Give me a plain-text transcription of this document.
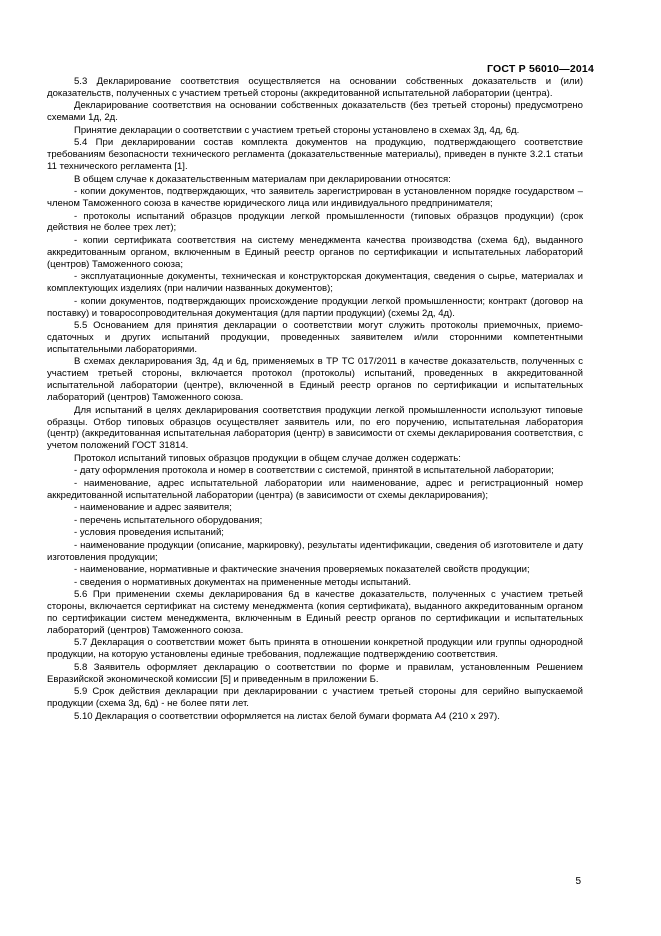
ГОСТ Р 56010—2014

5.3 Декларирование соответствия осуществляется на основании собственных доказательств и (или) доказательств, полученных с участием третьей стороны (аккредитованной испытательной лаборатории (центра).

Декларирование соответствия на основании собственных доказательств (без третьей стороны) предусмотрено схемами 1д, 2д.

Принятие декларации о соответствии с участием третьей стороны установлено в схемах 3д, 4д, 6д.

5.4 При декларировании состав комплекта документов на продукцию, подтверждающего соответствие требованиям безопасности технического регламента (доказательственные материалы), приведен в пункте 3.2.1 статьи 11 технического регламента [1].

В общем случае к доказательственным материалам при декларировании относятся:

- копии документов, подтверждающих, что заявитель зарегистрирован в установленном порядке государством – членом Таможенного союза в качестве юридического лица или индивидуального предпринимателя;

- протоколы испытаний образцов продукции легкой промышленности (типовых образцов продукции) (срок действия не более трех лет);

- копии сертификата соответствия на систему менеджмента качества производства (схема 6д), выданного аккредитованным органом, включенным в Единый реестр органов по сертификации и испытательных лабораторий (центров) Таможенного союза;

- эксплуатационные документы, техническая и конструкторская документация, сведения о сырье, материалах и комплектующих изделиях (при наличии названных документов);

- копии документов, подтверждающих происхождение продукции легкой промышленности; контракт (договор на поставку) и товаросопроводительная документация (для партии продукции) (схемы 2д, 4д).

5.5 Основанием для принятия декларации о соответствии могут служить протоколы приемочных, приемо-сдаточных и других испытаний продукции, проведенных заявителем и/или сторонними компетентными испытательными лабораториями.

В схемах декларирования 3д, 4д и 6д, применяемых в ТР ТС 017/2011 в качестве доказательств, полученных с участием третьей стороны, включается протокол (протоколы) испытаний, проведенных в аккредитованной испытательной лаборатории (центре), включенной в Единый реестр органов по сертификации и испытательных лабораторий (центров) Таможенного союза.

Для испытаний в целях декларирования соответствия продукции легкой промышленности используют типовые образцы. Отбор типовых образцов осуществляет заявитель или, по его поручению, испытательная лаборатория (центр) (аккредитованная испытательная лаборатория (центр) в зависимости от схемы декларирования соответствия, с учетом положений ГОСТ 31814.

Протокол испытаний типовых образцов продукции в общем случае должен содержать:

- дату оформления протокола и номер в соответствии с системой, принятой в испытательной лаборатории;

- наименование, адрес испытательной лаборатории или наименование, адрес и регистрационный номер аккредитованной испытательной лаборатории (центра) (в зависимости от схемы декларирования);

- наименование и адрес заявителя;

- перечень испытательного оборудования;

- условия проведения испытаний;

- наименование продукции (описание, маркировку), результаты идентификации, сведения об изготовителе и дату изготовления продукции;

- наименование, нормативные и фактические значения проверяемых показателей свойств продукции;

- сведения о нормативных документах на примененные методы испытаний.

5.6 При применении схемы декларирования 6д в качестве доказательств, полученных с участием третьей стороны, включается сертификат на систему менеджмента (копия сертификата), выданного аккредитованным органом по сертификации систем менеджмента, включенным в Единый реестр органов по сертификации и испытательных лабораторий (центров) Таможенного союза.

5.7 Декларация о соответствии может быть принята в отношении конкретной продукции или группы однородной продукции, на которую установлены единые требования, подлежащие подтверждению соответствия.

5.8 Заявитель оформляет декларацию о соответствии по форме и правилам, установленным Решением Евразийской экономической комиссии [5] и приведенным в приложении Б.

5.9 Срок действия декларации при декларировании с участием третьей стороны для серийно выпускаемой продукции (схема 3д, 6д) - не более пяти лет.

5.10 Декларация о соответствии оформляется на листах белой бумаги формата А4 (210 х 297).

5
